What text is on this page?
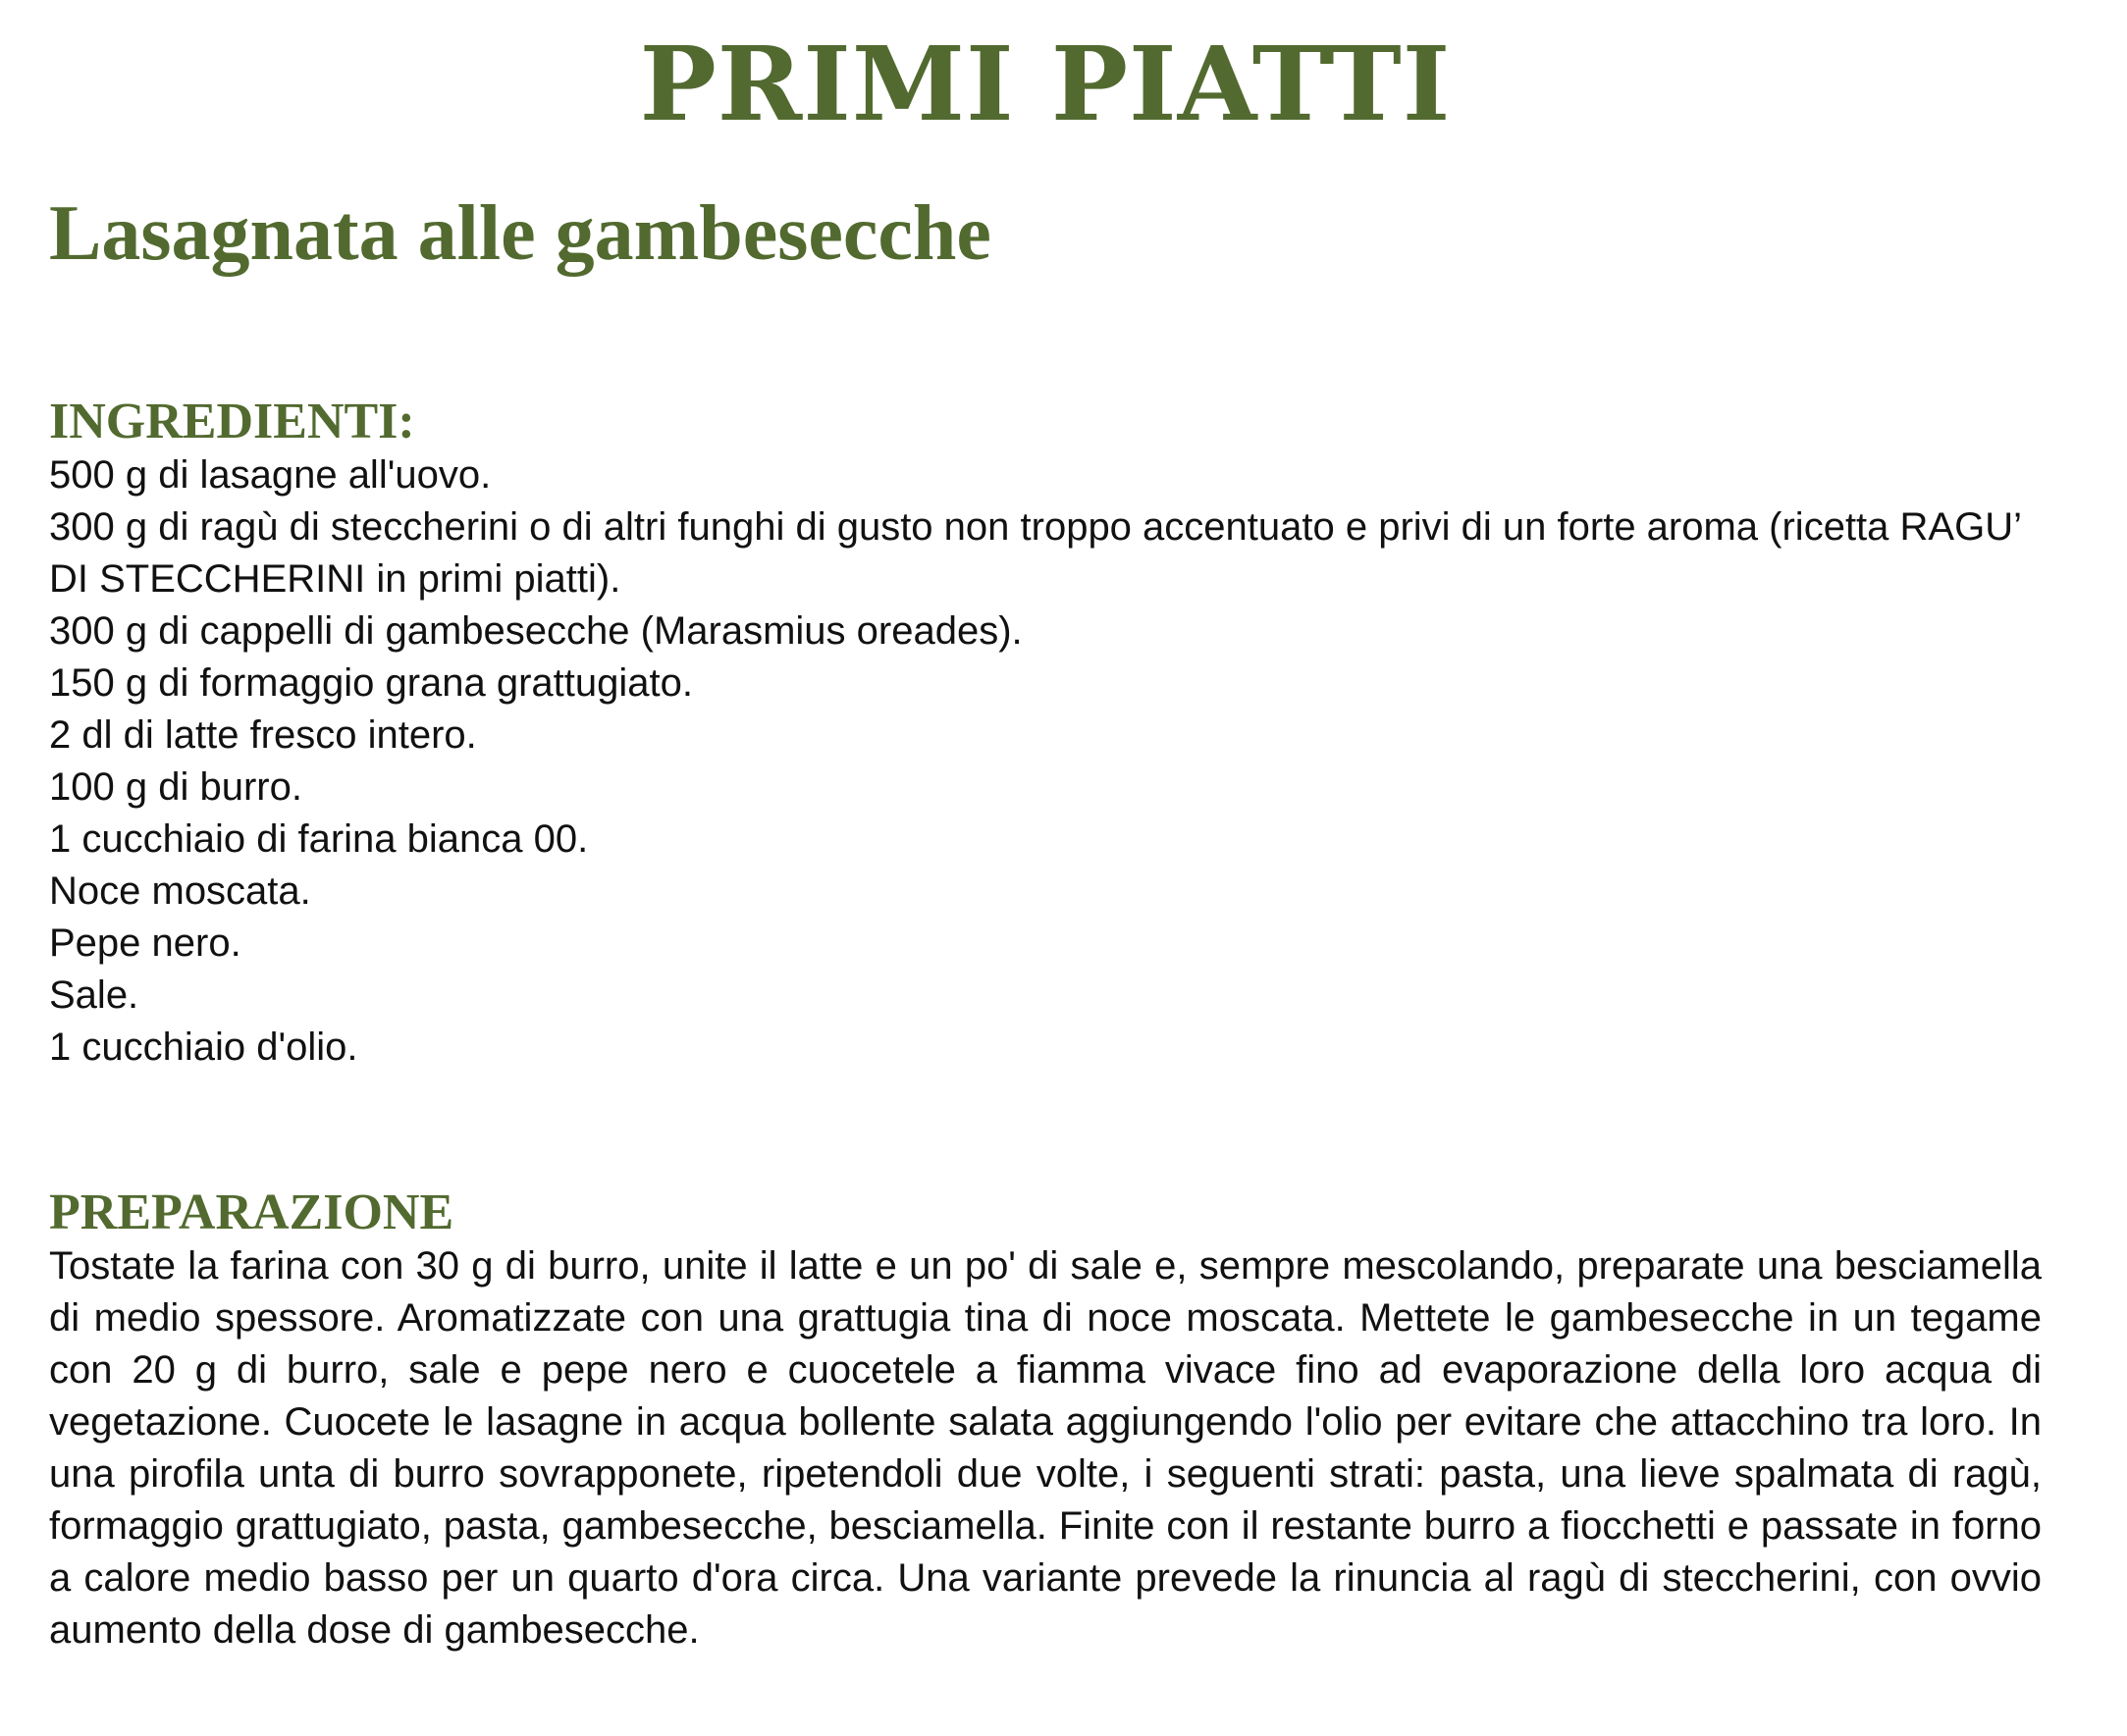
PRIMI PIATTI
Lasagnata alle gambesecche
INGREDIENTI:
500 g di lasagne all'uovo.
300 g di ragù di steccherini o di altri funghi di gusto non troppo accentuato e privi di un forte aroma (ricetta RAGU’ DI STECCHERINI in primi piatti).
300 g di cappelli di gambesecche (Marasmius oreades).
150 g di formaggio grana grattugiato.
2 dl di latte fresco intero.
100 g di burro.
1 cucchiaio di farina bianca 00.
Noce moscata.
Pepe nero.
Sale.
1 cucchiaio d'olio.
PREPARAZIONE

Tostate la farina con 30 g di burro, unite il latte e un po' di sale e, sempre mescolando, preparate una besciamella di medio spessore. Aromatizzate con una grattugia tina di noce moscata. Mettete le gambesecche in un tegame con 20 g di burro, sale e pepe nero e cuocetele a fiamma vivace fino ad evaporazione della loro acqua di vegetazione. Cuocete le lasagne in acqua bollente salata aggiungendo l'olio per evitare che attacchino tra loro. In una pirofila unta di burro sovrapponete, ripetendoli due volte, i seguenti strati: pasta, una lieve spalmata di ragù, formaggio grattugiato, pasta, gambesecche, besciamella. Finite con il restante burro a fiocchetti e passate in forno a calore medio basso per un quarto d'ora circa. Una variante prevede la rinuncia al ragù di steccherini, con ovvio aumento della dose di gambesecche.
